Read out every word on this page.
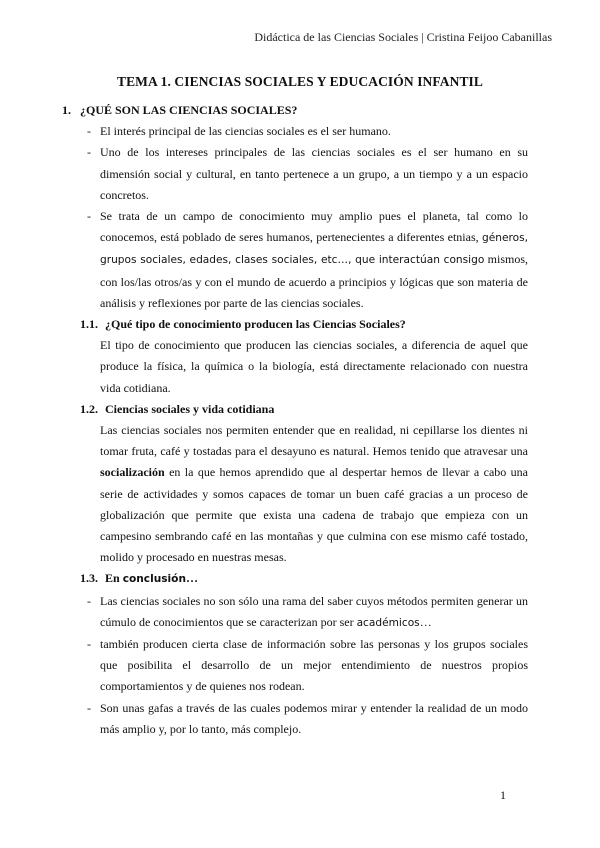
Didáctica de las Ciencias Sociales | Cristina Feijoo Cabanillas
TEMA 1. CIENCIAS SOCIALES Y EDUCACIÓN INFANTIL
1. ¿QUÉ SON LAS CIENCIAS SOCIALES?
- El interés principal de las ciencias sociales es el ser humano.
- Uno de los intereses principales de las ciencias sociales es el ser humano en su dimensión social y cultural, en tanto pertenece a un grupo, a un tiempo y a un espacio concretos.
- Se trata de un campo de conocimiento muy amplio pues el planeta, tal como lo conocemos, está poblado de seres humanos, pertenecientes a diferentes etnias, géneros, grupos sociales, edades, clases sociales, etc…, que interactúan consigo mismos, con los/las otros/as y con el mundo de acuerdo a principios y lógicas que son materia de análisis y reflexiones por parte de las ciencias sociales.
1.1. ¿Qué tipo de conocimiento producen las Ciencias Sociales?
El tipo de conocimiento que producen las ciencias sociales, a diferencia de aquel que produce la física, la química o la biología, está directamente relacionado con nuestra vida cotidiana.
1.2. Ciencias sociales y vida cotidiana
Las ciencias sociales nos permiten entender que en realidad, ni cepillarse los dientes ni tomar fruta, café y tostadas para el desayuno es natural. Hemos tenido que atravesar una socialización en la que hemos aprendido que al despertar hemos de llevar a cabo una serie de actividades y somos capaces de tomar un buen café gracias a un proceso de globalización que permite que exista una cadena de trabajo que empieza con un campesino sembrando café en las montañas y que culmina con ese mismo café tostado, molido y procesado en nuestras mesas.
1.3. En conclusión…
- Las ciencias sociales no son sólo una rama del saber cuyos métodos permiten generar un cúmulo de conocimientos que se caracterizan por ser académicos…
- también producen cierta clase de información sobre las personas y los grupos sociales que posibilita el desarrollo de un mejor entendimiento de nuestros propios comportamientos y de quienes nos rodean.
- Son unas gafas a través de las cuales podemos mirar y entender la realidad de un modo más amplio y, por lo tanto, más complejo.
1
